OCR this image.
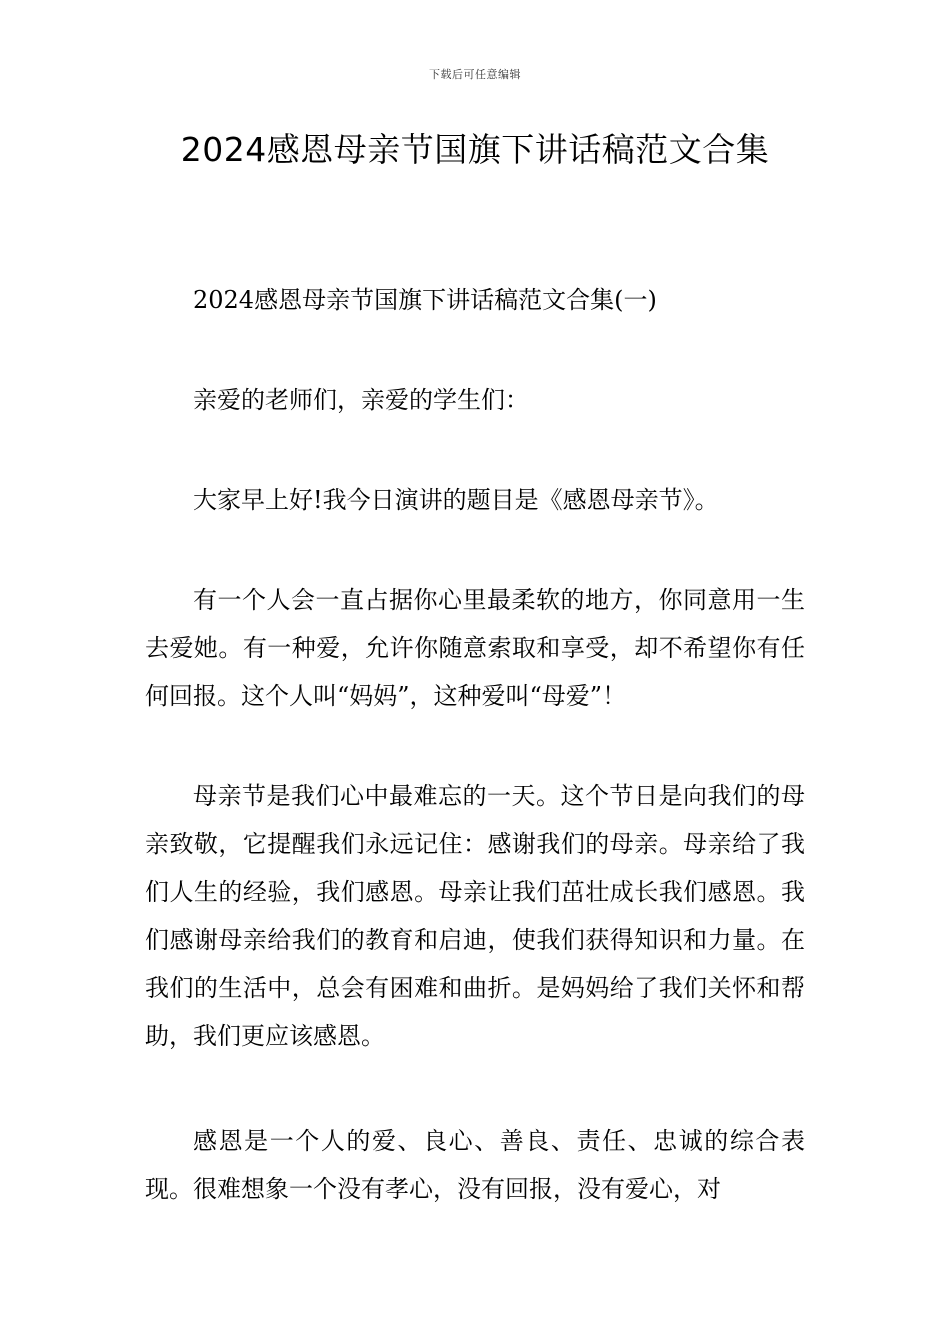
下载后可任意编辑
2024感恩母亲节国旗下讲话稿范文合集

2024感恩母亲节国旗下讲话稿范文合集(一)

亲爱的老师们，亲爱的学生们：

大家早上好!我今日演讲的题目是《感恩母亲节》。

有一个人会一直占据你心里最柔软的地方，你同意用一生去爱她。有一种爱，允许你随意索取和享受，却不希望你有任何回报。这个人叫“妈妈”，这种爱叫“母爱”！

母亲节是我们心中最难忘的一天。这个节日是向我们的母亲致敬，它提醒我们永远记住：感谢我们的母亲。母亲给了我们人生的经验，我们感恩。母亲让我们茁壮成长我们感恩。我们感谢母亲给我们的教育和启迪，使我们获得知识和力量。在我们的生活中，总会有困难和曲折。是妈妈给了我们关怀和帮助，我们更应该感恩。

感恩是一个人的爱、良心、善良、责任、忠诚的综合表现。很难想象一个没有孝心，没有回报，没有爱心，对
